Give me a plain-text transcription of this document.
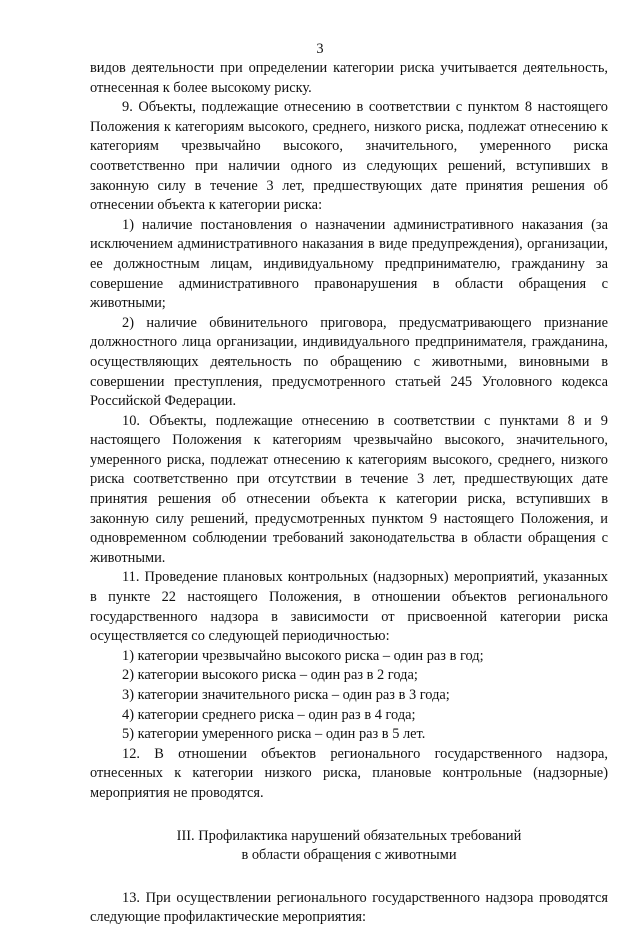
3

видов деятельности при определении категории риска учитывается деятельность, отнесенная к более высокому риску.

9. Объекты, подлежащие отнесению в соответствии с пунктом 8 настоящего Положения к категориям высокого, среднего, низкого риска, подлежат отнесению к категориям чрезвычайно высокого, значительного, умеренного риска соответственно при наличии одного из следующих решений, вступивших в законную силу в течение 3 лет, предшествующих дате принятия решения об отнесении объекта к категории риска:

1) наличие постановления о назначении административного наказания (за исключением административного наказания в виде предупреждения), организации, ее должностным лицам, индивидуальному предпринимателю, гражданину за совершение административного правонарушения в области обращения с животными;

2) наличие обвинительного приговора, предусматривающего признание должностного лица организации, индивидуального предпринимателя, гражданина, осуществляющих деятельность по обращению с животными, виновными в совершении преступления, предусмотренного статьей 245 Уголовного кодекса Российской Федерации.

10. Объекты, подлежащие отнесению в соответствии с пунктами 8 и 9 настоящего Положения к категориям чрезвычайно высокого, значительного, умеренного риска, подлежат отнесению к категориям высокого, среднего, низкого риска соответственно при отсутствии в течение 3 лет, предшествующих дате принятия решения об отнесении объекта к категории риска, вступивших в законную силу решений, предусмотренных пунктом 9 настоящего Положения, и одновременном соблюдении требований законодательства в области обращения с животными.

11. Проведение плановых контрольных (надзорных) мероприятий, указанных в пункте 22 настоящего Положения, в отношении объектов регионального государственного надзора в зависимости от присвоенной категории риска осуществляется со следующей периодичностью:

1) категории чрезвычайно высокого риска – один раз в год;

2) категории высокого риска – один раз в 2 года;

3) категории значительного риска – один раз в 3 года;

4) категории среднего риска – один раз в 4 года;

5) категории умеренного риска – один раз в 5 лет.

12. В отношении объектов регионального государственного надзора, отнесенных к категории низкого риска, плановые контрольные (надзорные) мероприятия не проводятся.

III. Профилактика нарушений обязательных требований

в области обращения с животными

13. При осуществлении регионального государственного надзора проводятся следующие профилактические мероприятия:
